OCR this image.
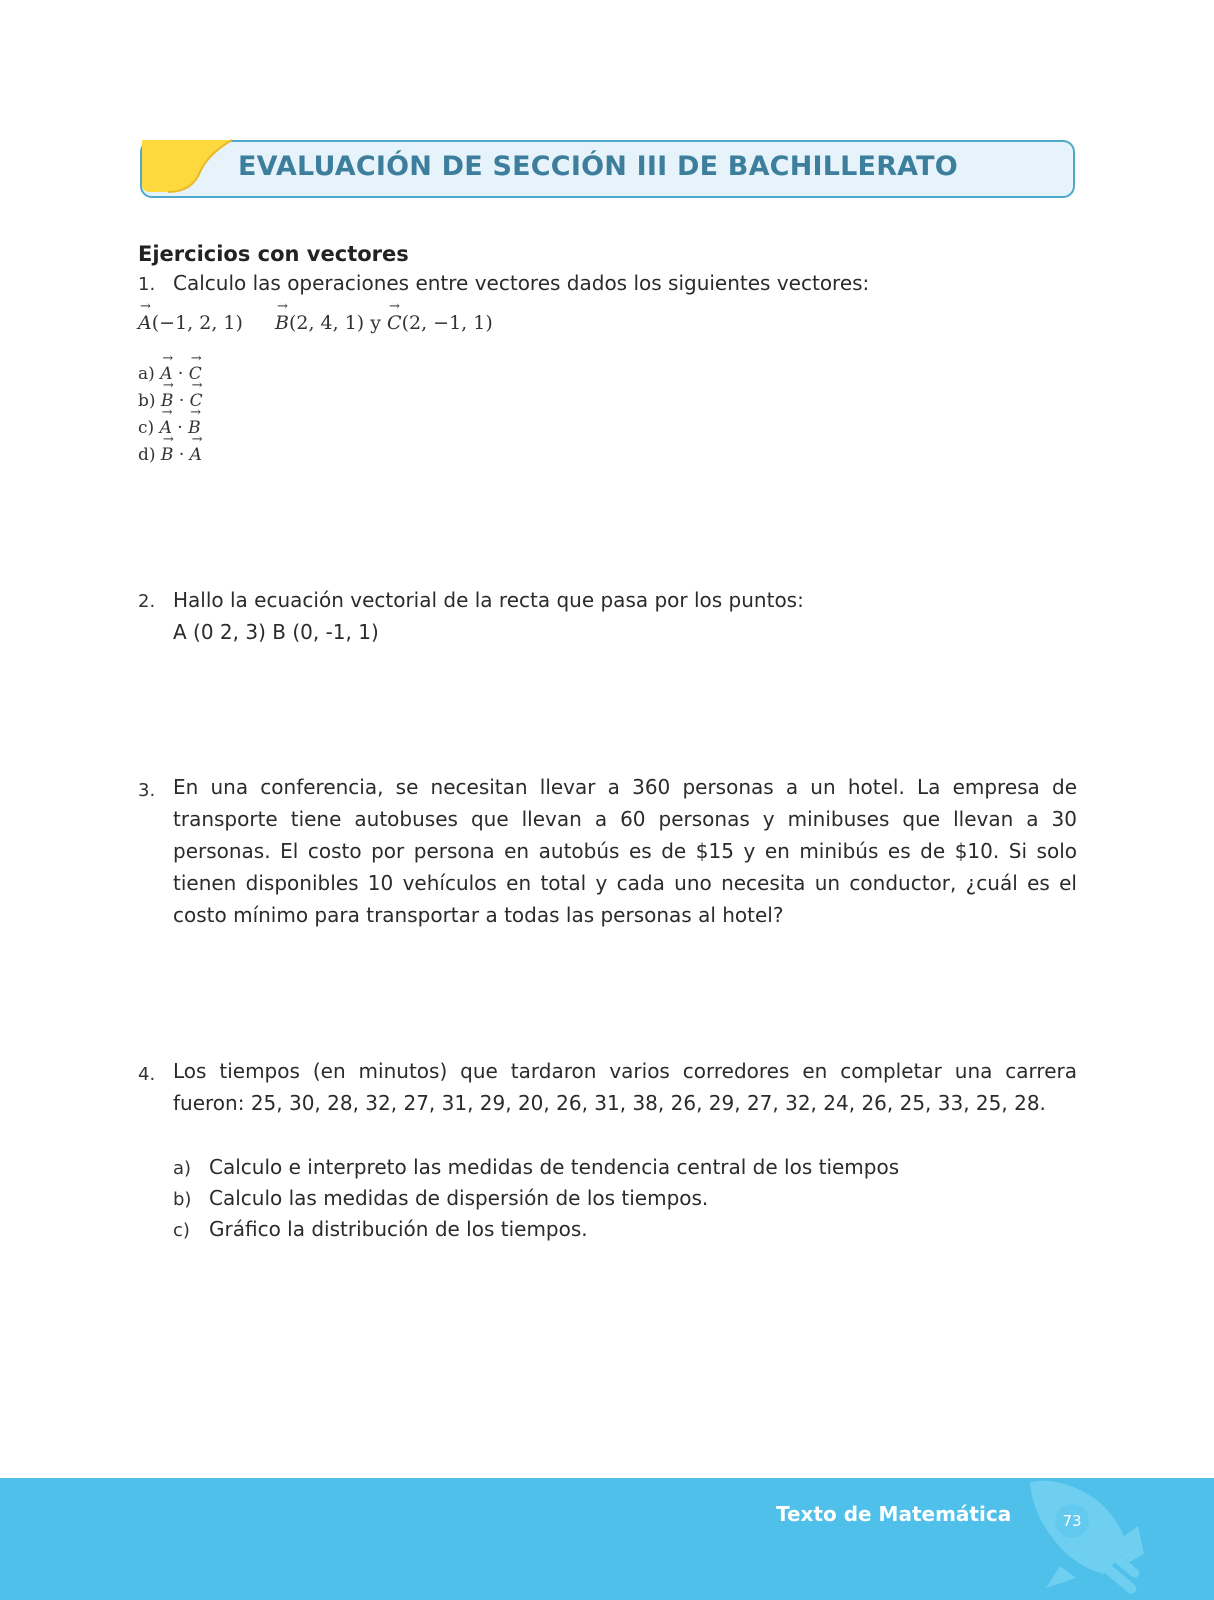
EVALUACIÓN DE SECCIÓN III DE BACHILLERATO
Ejercicios con vectores
1. Calculo las operaciones entre vectores dados los siguientes vectores:
→ A(−1, 2, 1) → B(2, 4, 1) y → C(2, −1, 1)
a) → A · → C
b) → B · → C
c) → A · → B
d) → B · → A
2. Hallo la ecuación vectorial de la recta que pasa por los puntos:
A (0 2, 3) B (0, -1, 1)
3. En una conferencia, se necesitan llevar a 360 personas a un hotel. La empresa de transporte tiene autobuses que llevan a 60 personas y minibuses que llevan a 30 personas. El costo por persona en autobús es de $15 y en minibús es de $10. Si solo tienen disponibles 10 vehículos en total y cada uno necesita un conductor, ¿cuál es el costo mínimo para transportar a todas las personas al hotel?
4. Los tiempos (en minutos) que tardaron varios corredores en completar una carrera fueron: 25, 30, 28, 32, 27, 31, 29, 20, 26, 31, 38, 26, 29, 27, 32, 24, 26, 25, 33, 25, 28.
a) Calculo e interpreto las medidas de tendencia central de los tiempos
b) Calculo las medidas de dispersión de los tiempos.
c) Gráfico la distribución de los tiempos.
Texto de Matemática	73
